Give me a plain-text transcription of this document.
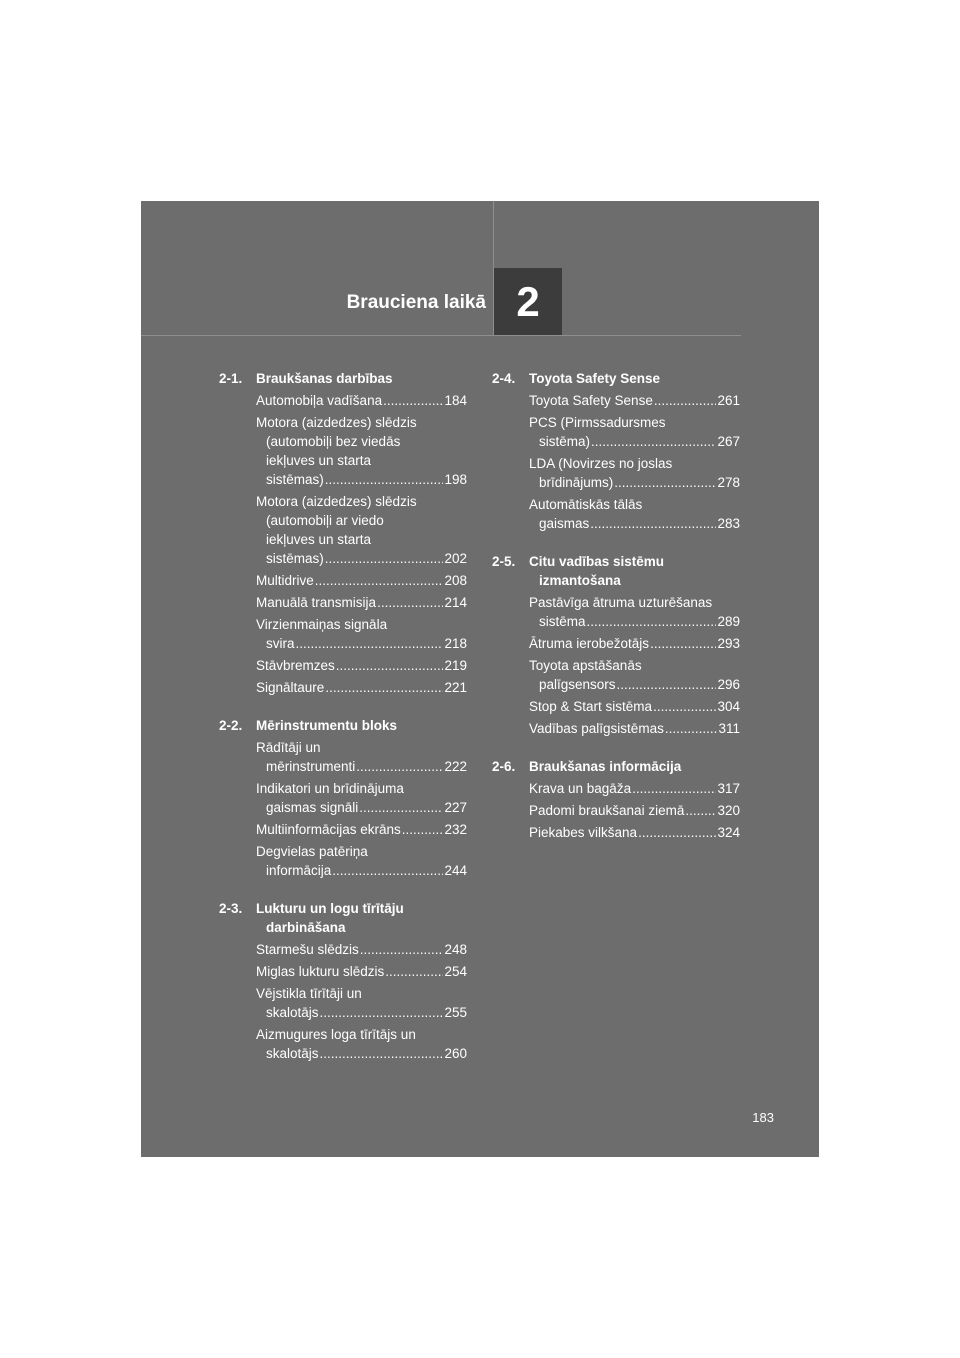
Brauciena laikā 2
2-1.	Braukšanas darbības
Automobiļa vadīšana .....	184
Motora (aizdedzes) slēdzis
(automobiļi bez viedās
iekļuves un starta
sistēmas) .....	198
Motora (aizdedzes) slēdzis
(automobiļi ar viedo
iekļuves un starta
sistēmas) .....	202
Multidrive .....	208
Manuālā transmisija .....	214
Virzienmaiņas signāla
svira .....	218
Stāvbremzes .....	219
Signāltaure .....	221
2-2.	Mērinstrumentu bloks
Rādītāji un
mērinstrumenti .....	222
Indikatori un brīdinājuma
gaismas signāli .....	227
Multiinformācijas ekrāns .....	232
Degvielas patēriņa
informācija .....	244
2-3.	Lukturu un logu tīrītāju darbināšana
Starmešu slēdzis .....	248
Miglas lukturu slēdzis .....	254
Vējstikla tīrītāji un
skalotājs .....	255
Aizmugures loga tīrītājs un
skalotājs .....	260
2-4.	Toyota Safety Sense
Toyota Safety Sense .....	261
PCS (Pirmssadursmes
sistēma) .....	267
LDA (Novirzes no joslas
brīdinājums) .....	278
Automātiskās tālās
gaismas .....	283
2-5.	Citu vadības sistēmu izmantošana
Pastāvīga ātruma uzturēšanas
sistēma .....	289
Ātruma ierobežotājs .....	293
Toyota apstāšanās
palīgsensors .....	296
Stop & Start sistēma .....	304
Vadības palīgsistēmas .....	311
2-6.	Braukšanas informācija
Krava un bagāža .....	317
Padomi braukšanai ziemā ..... 320
Piekabes vilkšana .....	324
183
